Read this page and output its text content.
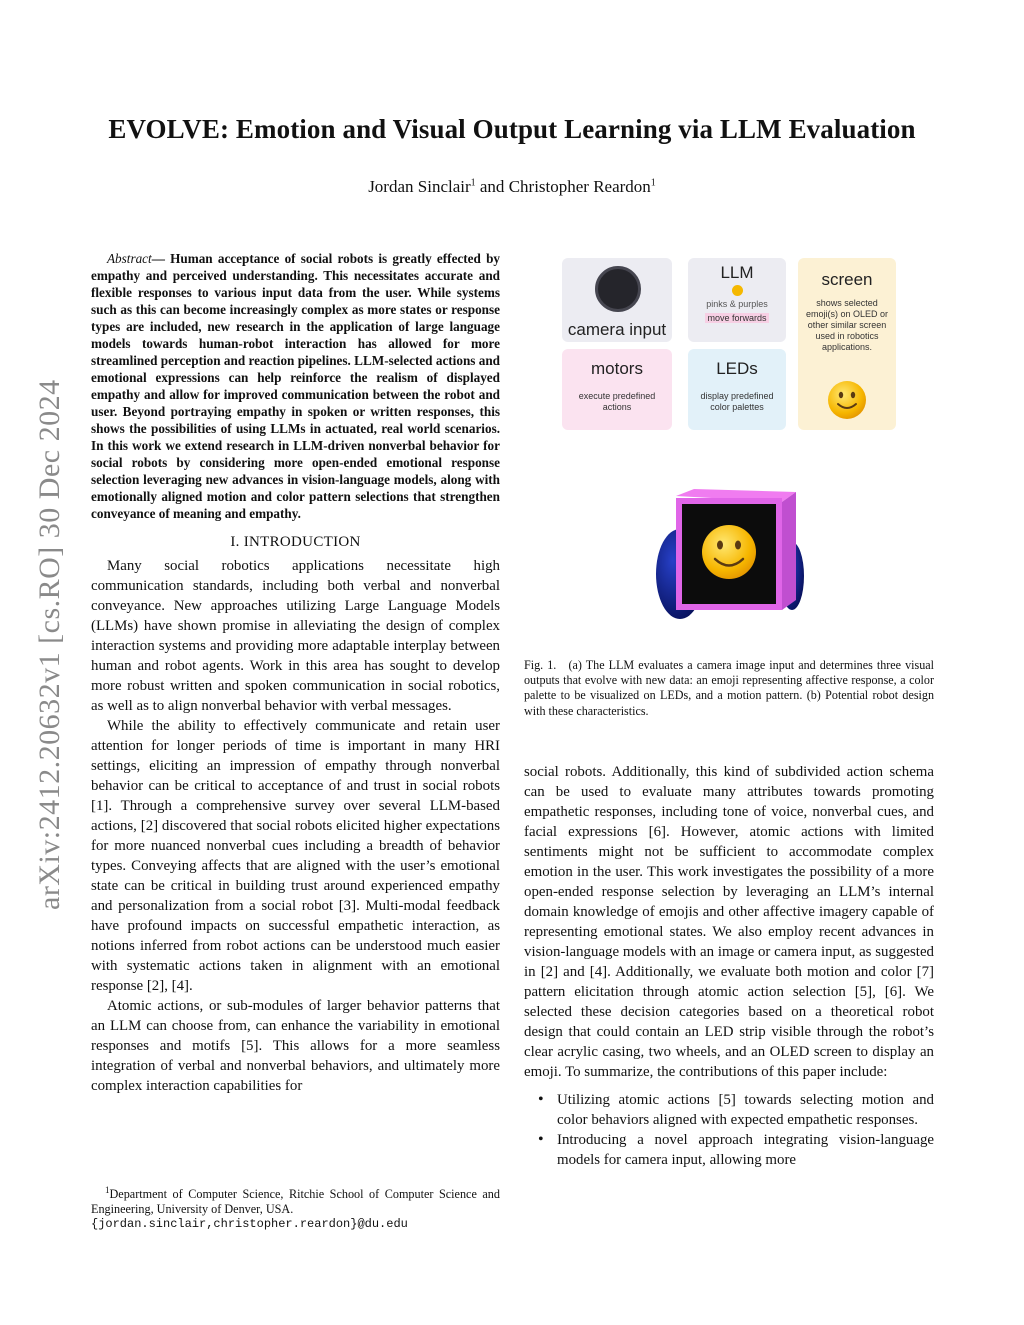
arXiv:2412.20632v1 [cs.RO] 30 Dec 2024
EVOLVE: Emotion and Visual Output Learning via LLM Evaluation
Jordan Sinclair$^1$ and Christopher Reardon$^1$

Abstract— Human acceptance of social robots is greatly effected by empathy and perceived understanding. This necessitates accurate and flexible responses to various input data from the user. While systems such as this can become increasingly complex as more states or response types are included, new research in the application of large language models towards human-robot interaction has allowed for more streamlined perception and reaction pipelines. LLM-selected actions and emotional expressions can help reinforce the realism of displayed empathy and allow for improved communication between the robot and user. Beyond portraying empathy in spoken or written responses, this shows the possibilities of using LLMs in actuated, real world scenarios. In this work we extend research in LLM-driven nonverbal behavior for social robots by considering more open-ended emotional response selection leveraging new advances in vision-language models, along with emotionally aligned motion and color pattern selections that strengthen conveyance of meaning and empathy.

I. INTRODUCTION

Many social robotics applications necessitate high communication standards, including both verbal and nonverbal conveyance. New approaches utilizing Large Language Models (LLMs) have shown promise in alleviating the design of complex interaction systems and providing more adaptable interplay between human and robot agents. Work in this area has sought to develop more robust written and spoken communication in social robotics, as well as to align nonverbal behavior with verbal messages.

While the ability to effectively communicate and retain user attention for longer periods of time is important in many HRI settings, eliciting an impression of empathy through nonverbal behavior can be critical to acceptance of and trust in social robots [1]. Through a comprehensive survey over several LLM-based actions, [2] discovered that social robots elicited higher expectations for more nuanced nonverbal cues including a breadth of behavior types. Conveying affects that are aligned with the user’s emotional state can be critical in building trust around experienced empathy and personalization from a social robot [3]. Multi-modal feedback have profound impacts on successful empathetic interaction, as notions inferred from robot actions can be understood much easier with systematic actions taken in alignment with an emotional response [2], [4].

Atomic actions, or sub-modules of larger behavior patterns that an LLM can choose from, can enhance the variability in emotional responses and motifs [5]. This allows for a more seamless integration of verbal and nonverbal behaviors, and ultimately more complex interaction capabilities for

$^1$Department of Computer Science, Ritchie School of Computer Science and Engineering, University of Denver, USA.
{jordan.sinclair,christopher.reardon}@du.edu
camera input
LLM
pinks & purples
move forwards
screen
shows selected emoji(s) on OLED or other similar screen used in robotics applications.
motors
execute predefined actions
LEDs
display predefined color palettes
Fig. 1. (a) The LLM evaluates a camera image input and determines three visual outputs that evolve with new data: an emoji representing affective response, a color palette to be visualized on LEDs, and a motion pattern. (b) Potential robot design with these characteristics.

social robots. Additionally, this kind of subdivided action schema can be used to evaluate many attributes towards promoting empathetic responses, including tone of voice, nonverbal cues, and facial expressions [6]. However, atomic actions with limited sentiments might not be sufficient to accommodate complex emotion in the user. This work investigates the possibility of a more open-ended response selection by leveraging an LLM’s internal domain knowledge of emojis and other affective imagery capable of representing emotional states. We also employ recent advances in vision-language models with an image or camera input, as suggested in [2] and [4]. Additionally, we evaluate both motion and color [7] pattern elicitation through atomic action selection [5], [6]. We selected these decision categories based on a theoretical robot design that could contain an LED strip visible through the robot’s clear acrylic casing, two wheels, and an OLED screen to display an emoji. To summarize, the contributions of this paper include:

• Utilizing atomic actions [5] towards selecting motion and color behaviors aligned with expected empathetic responses.
• Introducing a novel approach integrating vision-language models for camera input, allowing more
